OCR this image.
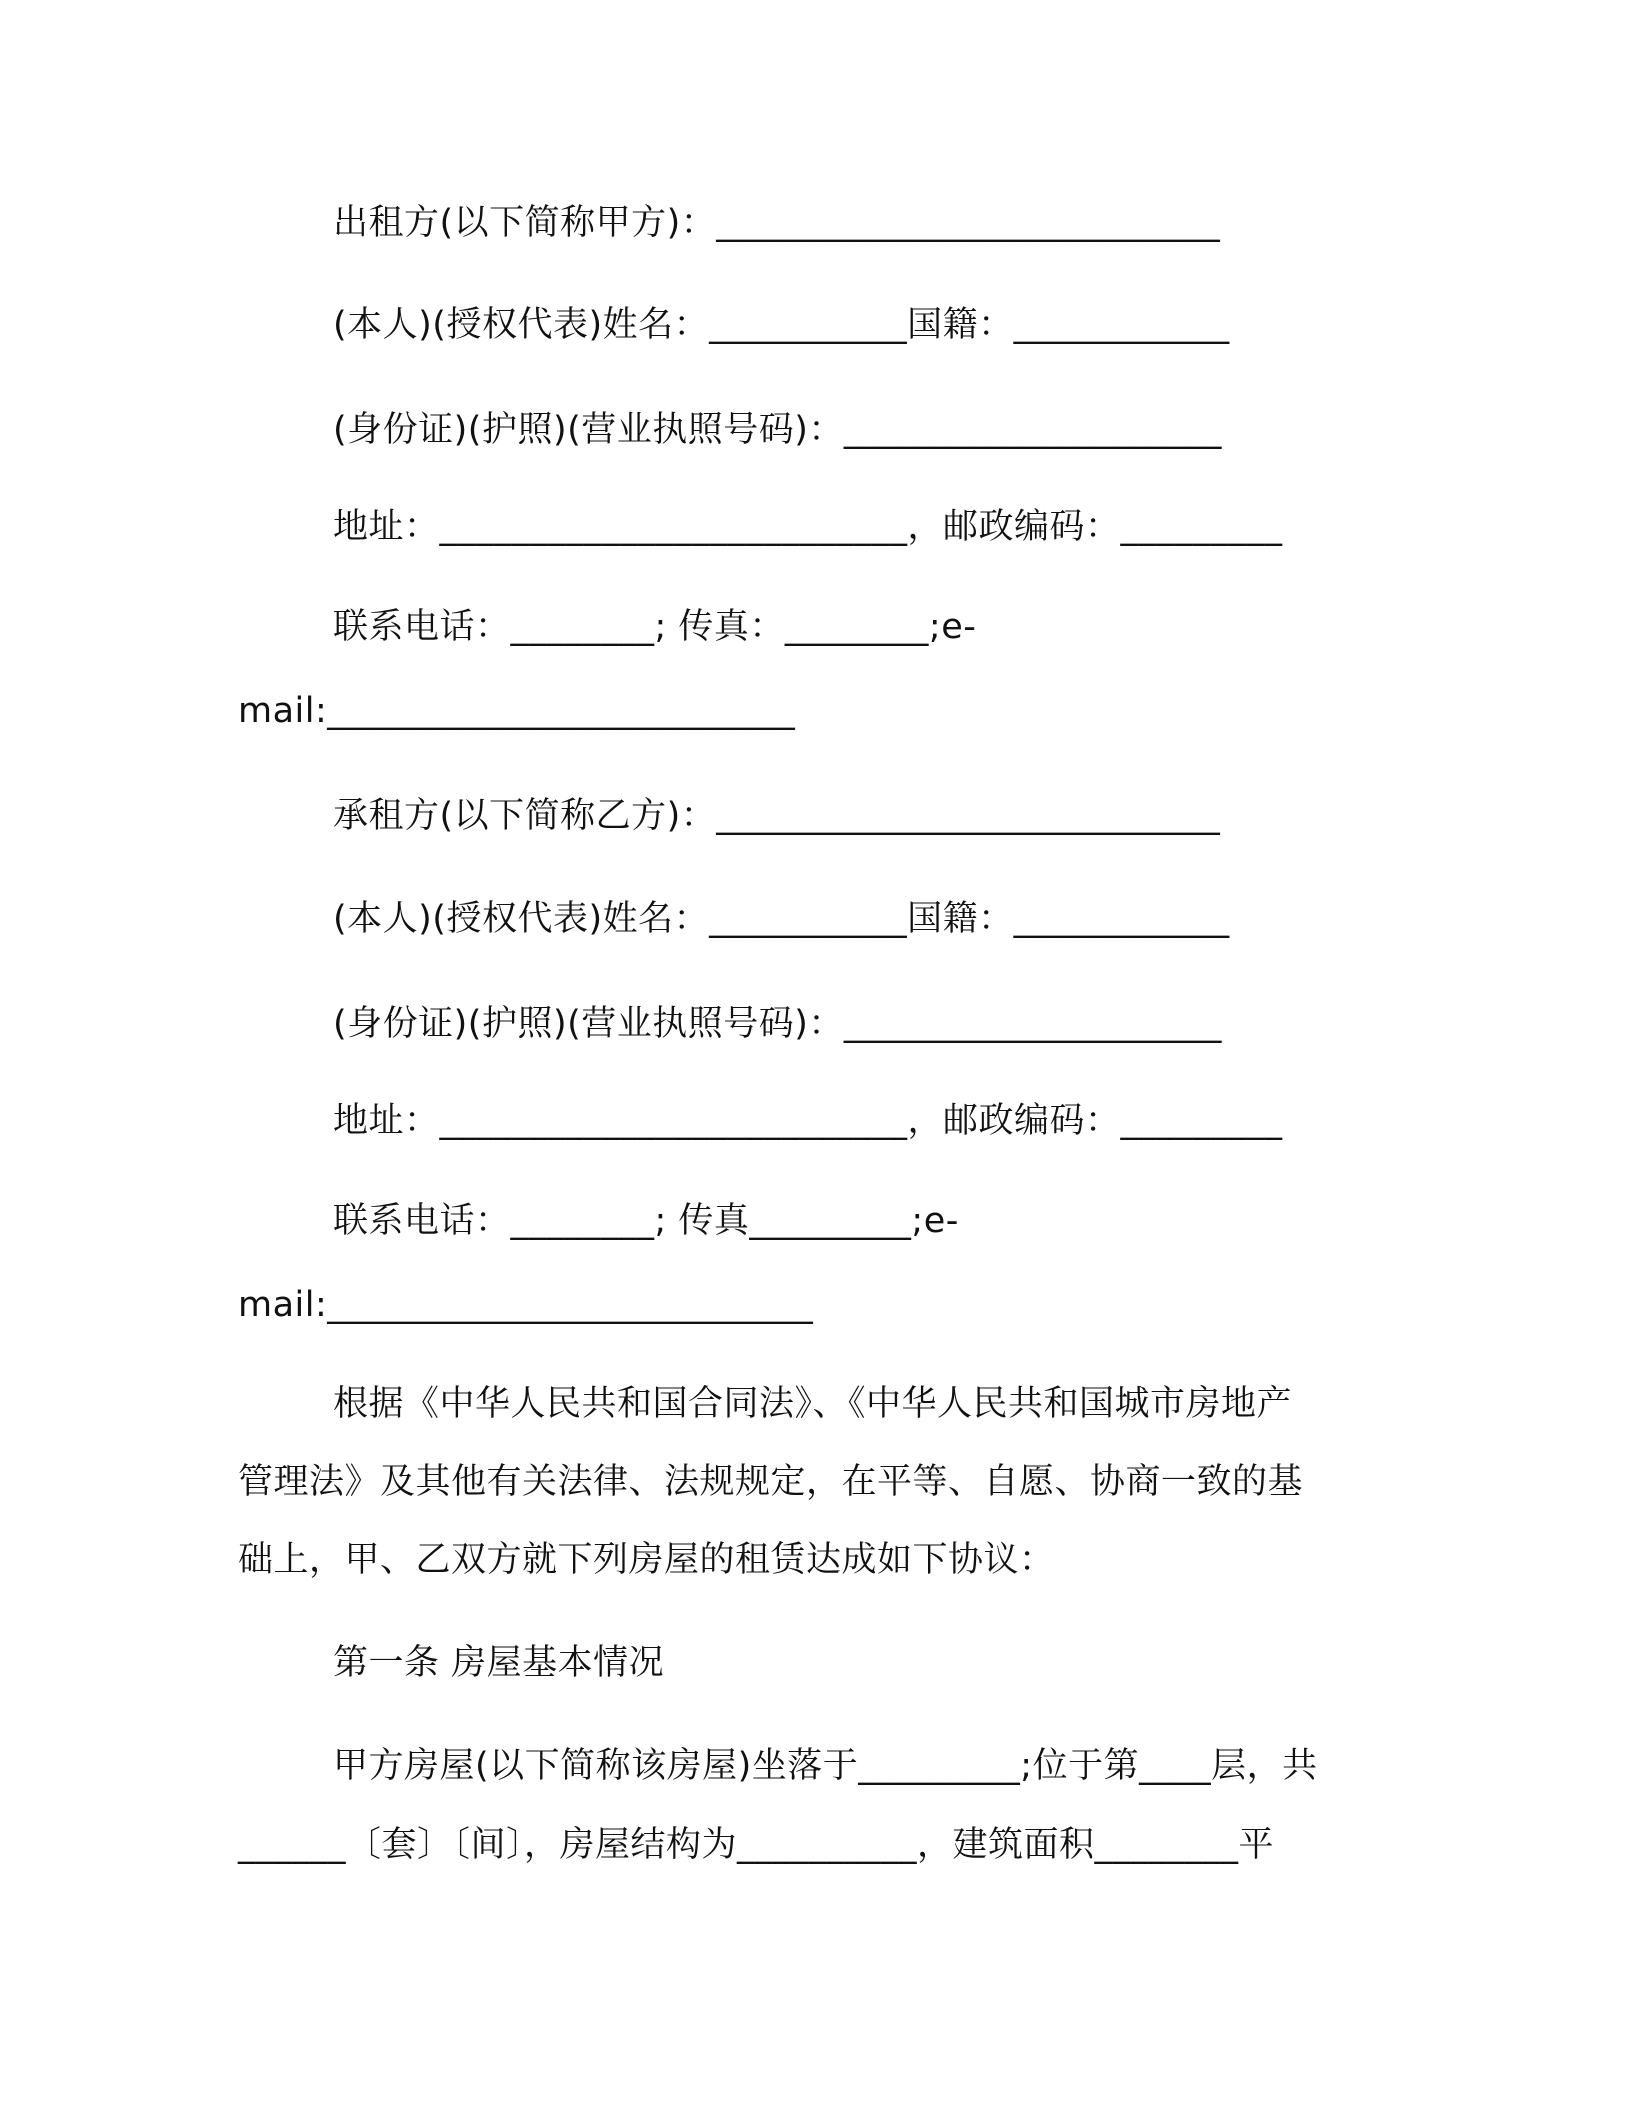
出租方(以下简称甲方)：____________________________
(本人)(授权代表)姓名：___________国籍：____________
(身份证)(护照)(营业执照号码)：_____________________
地址：__________________________，邮政编码：_________
联系电话：________; 传真：________;e-
mail:__________________________
承租方(以下简称乙方)：____________________________
(本人)(授权代表)姓名：___________国籍：____________
(身份证)(护照)(营业执照号码)：_____________________
地址：__________________________，邮政编码：_________
联系电话：________; 传真_________;e-
mail:___________________________
根据《中华人民共和国合同法》、《中华人民共和国城市房地产
管理法》及其他有关法律、法规规定，在平等、自愿、协商一致的基
础上，甲、乙双方就下列房屋的租赁达成如下协议：
第一条 房屋基本情况
甲方房屋(以下简称该房屋)坐落于_________;位于第____层，共
______〔套〕〔间〕，房屋结构为__________，建筑面积________平
